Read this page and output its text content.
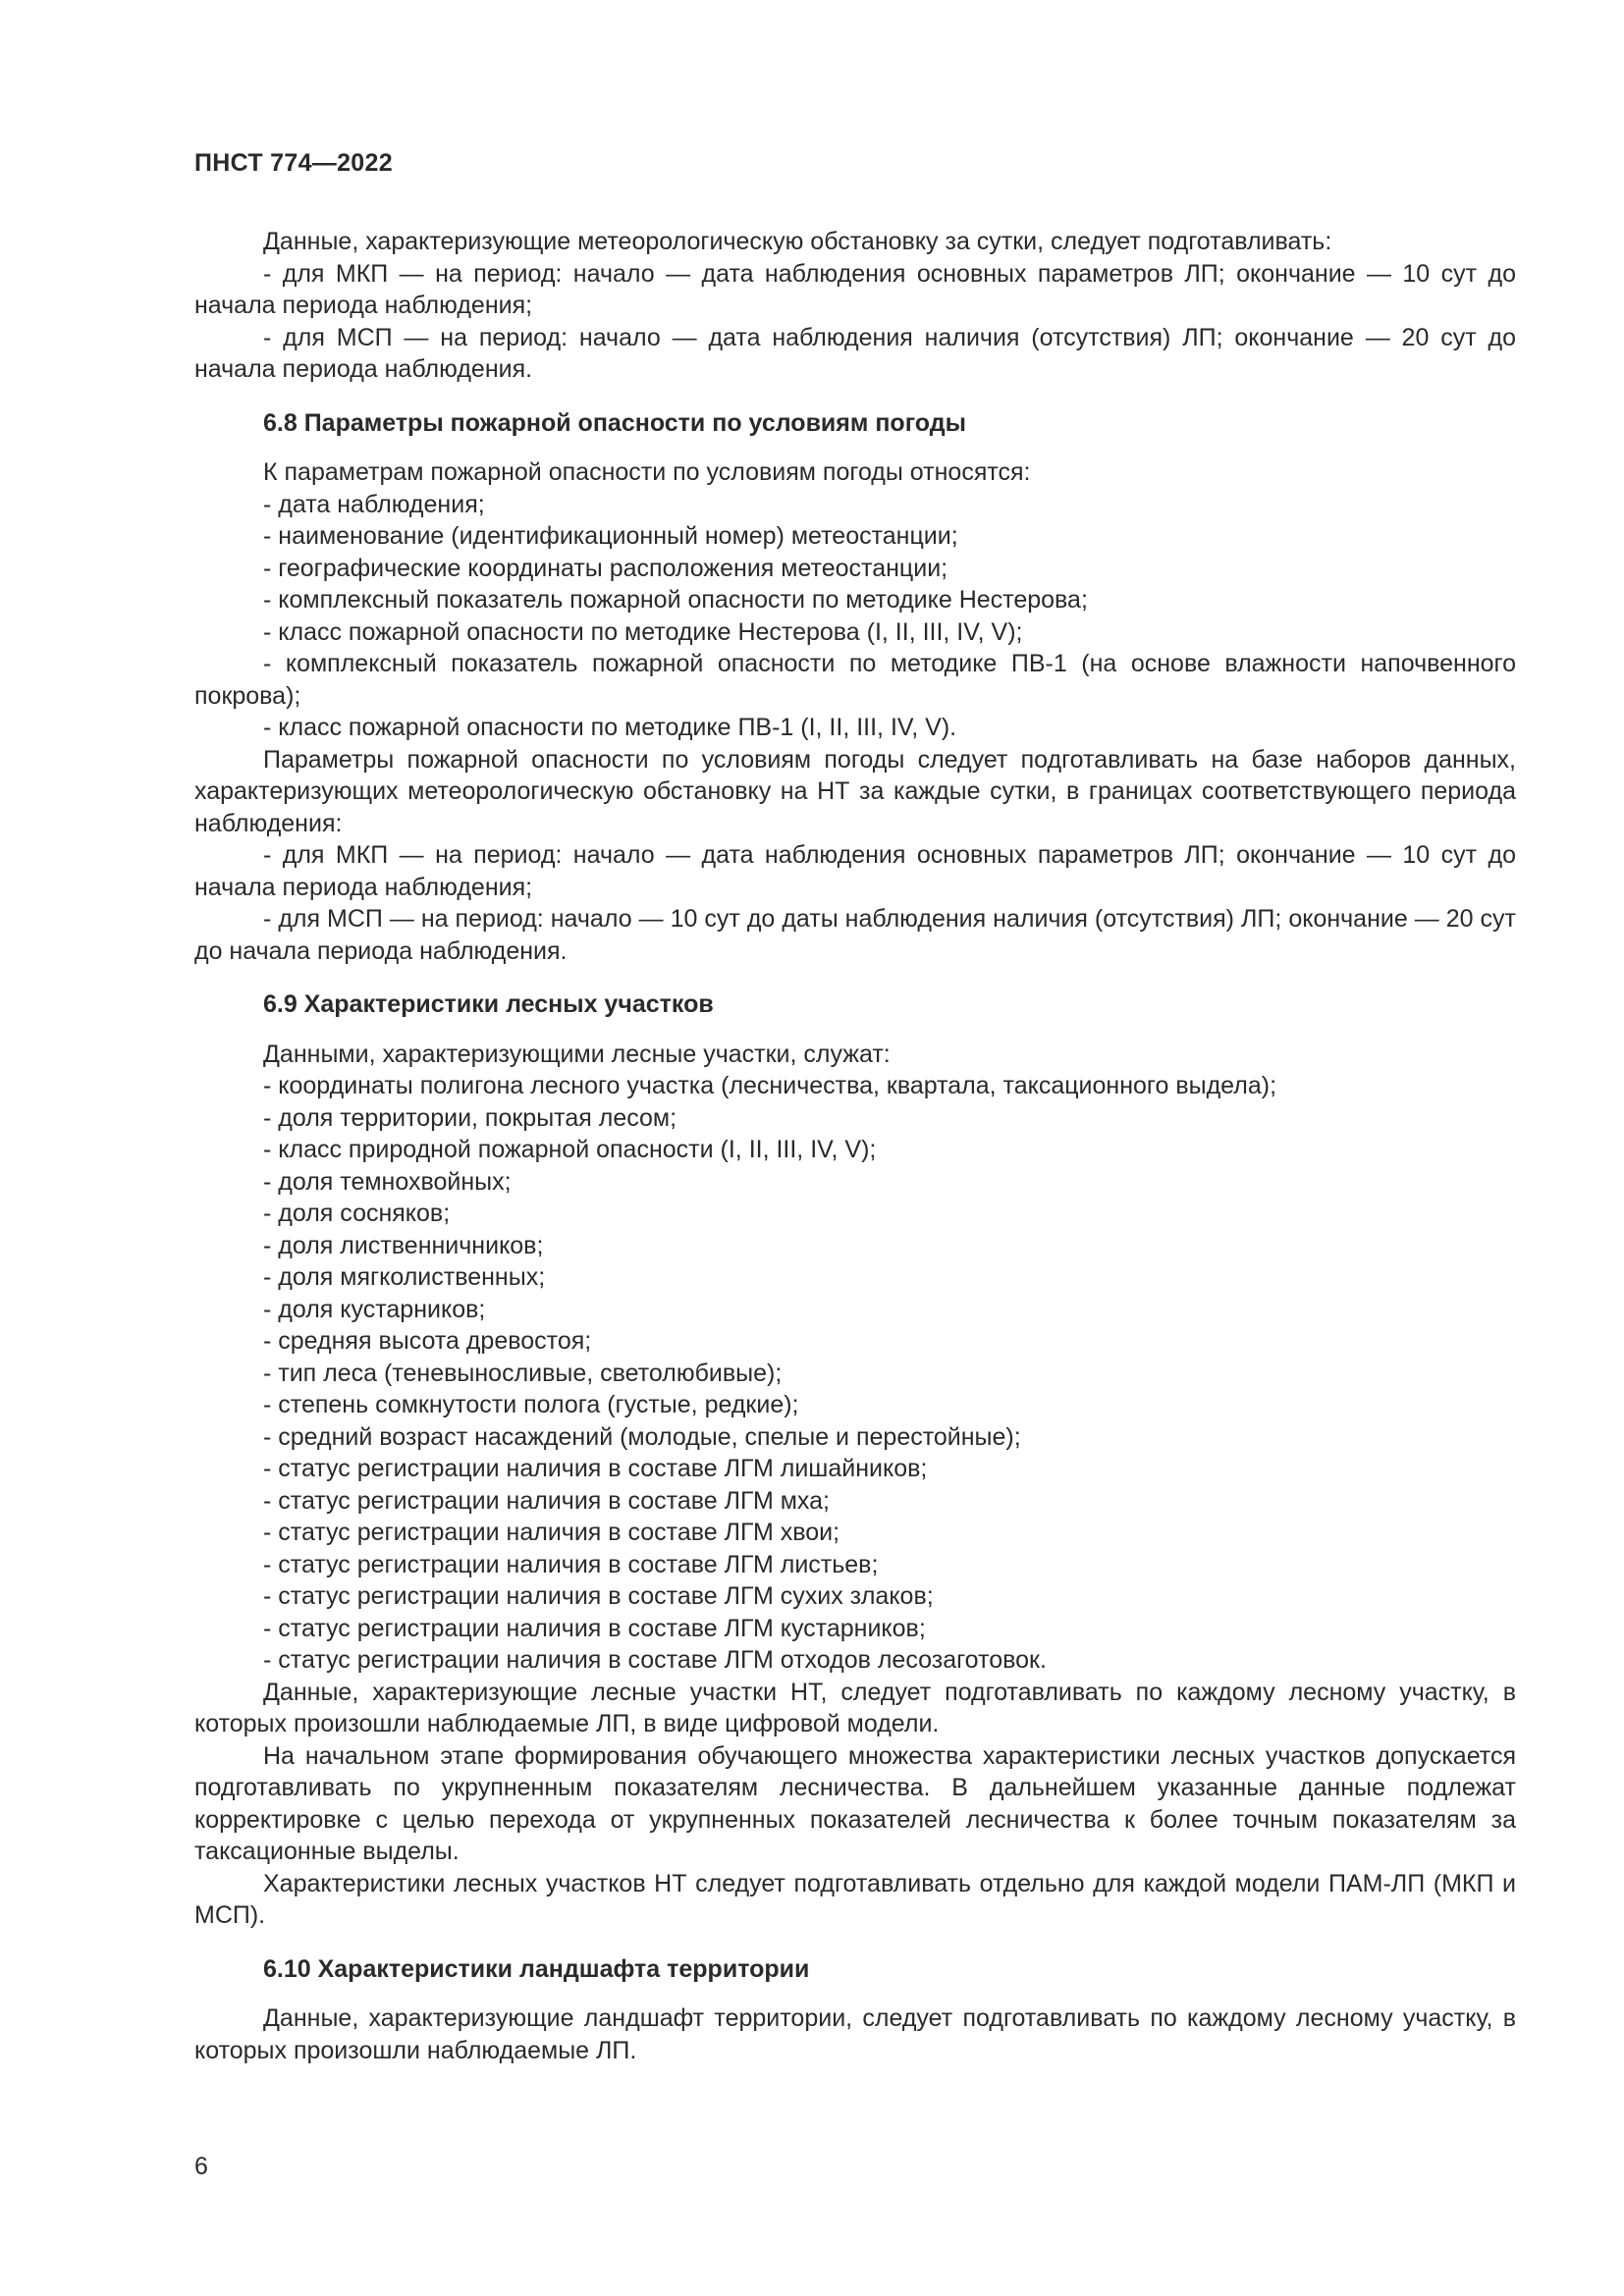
ПНСТ 774—2022
Данные, характеризующие метеорологическую обстановку за сутки, следует подготавливать:
- для МКП — на период: начало — дата наблюдения основных параметров ЛП; окончание — 10 сут до начала периода наблюдения;
- для МСП — на период: начало — дата наблюдения наличия (отсутствия) ЛП; окончание — 20 сут до начала периода наблюдения.
6.8 Параметры пожарной опасности по условиям погоды
К параметрам пожарной опасности по условиям погоды относятся:
- дата наблюдения;
- наименование (идентификационный номер) метеостанции;
- географические координаты расположения метеостанции;
- комплексный показатель пожарной опасности по методике Нестерова;
- класс пожарной опасности по методике Нестерова (I, II, III, IV, V);
- комплексный показатель пожарной опасности по методике ПВ-1 (на основе влажности напочвенного покрова);
- класс пожарной опасности по методике ПВ-1 (I, II, III, IV, V).
Параметры пожарной опасности по условиям погоды следует подготавливать на базе наборов данных, характеризующих метеорологическую обстановку на НТ за каждые сутки, в границах соответствующего периода наблюдения:
- для МКП — на период: начало — дата наблюдения основных параметров ЛП; окончание — 10 сут до начала периода наблюдения;
- для МСП — на период: начало — 10 сут до даты наблюдения наличия (отсутствия) ЛП; окончание — 20 сут до начала периода наблюдения.
6.9 Характеристики лесных участков
Данными, характеризующими лесные участки, служат:
- координаты полигона лесного участка (лесничества, квартала, таксационного выдела);
- доля территории, покрытая лесом;
- класс природной пожарной опасности (I, II, III, IV, V);
- доля темнохвойных;
- доля сосняков;
- доля лиственничников;
- доля мягколиственных;
- доля кустарников;
- средняя высота древостоя;
- тип леса (теневыносливые, светолюбивые);
- степень сомкнутости полога (густые, редкие);
- средний возраст насаждений (молодые, спелые и перестойные);
- статус регистрации наличия в составе ЛГМ лишайников;
- статус регистрации наличия в составе ЛГМ мха;
- статус регистрации наличия в составе ЛГМ хвои;
- статус регистрации наличия в составе ЛГМ листьев;
- статус регистрации наличия в составе ЛГМ сухих злаков;
- статус регистрации наличия в составе ЛГМ кустарников;
- статус регистрации наличия в составе ЛГМ отходов лесозаготовок.
Данные, характеризующие лесные участки НТ, следует подготавливать по каждому лесному участку, в которых произошли наблюдаемые ЛП, в виде цифровой модели.
На начальном этапе формирования обучающего множества характеристики лесных участков допускается подготавливать по укрупненным показателям лесничества. В дальнейшем указанные данные подлежат корректировке с целью перехода от укрупненных показателей лесничества к более точным показателям за таксационные выделы.
Характеристики лесных участков НТ следует подготавливать отдельно для каждой модели ПАМ-ЛП (МКП и МСП).
6.10 Характеристики ландшафта территории
Данные, характеризующие ландшафт территории, следует подготавливать по каждому лесному участку, в которых произошли наблюдаемые ЛП.
6
